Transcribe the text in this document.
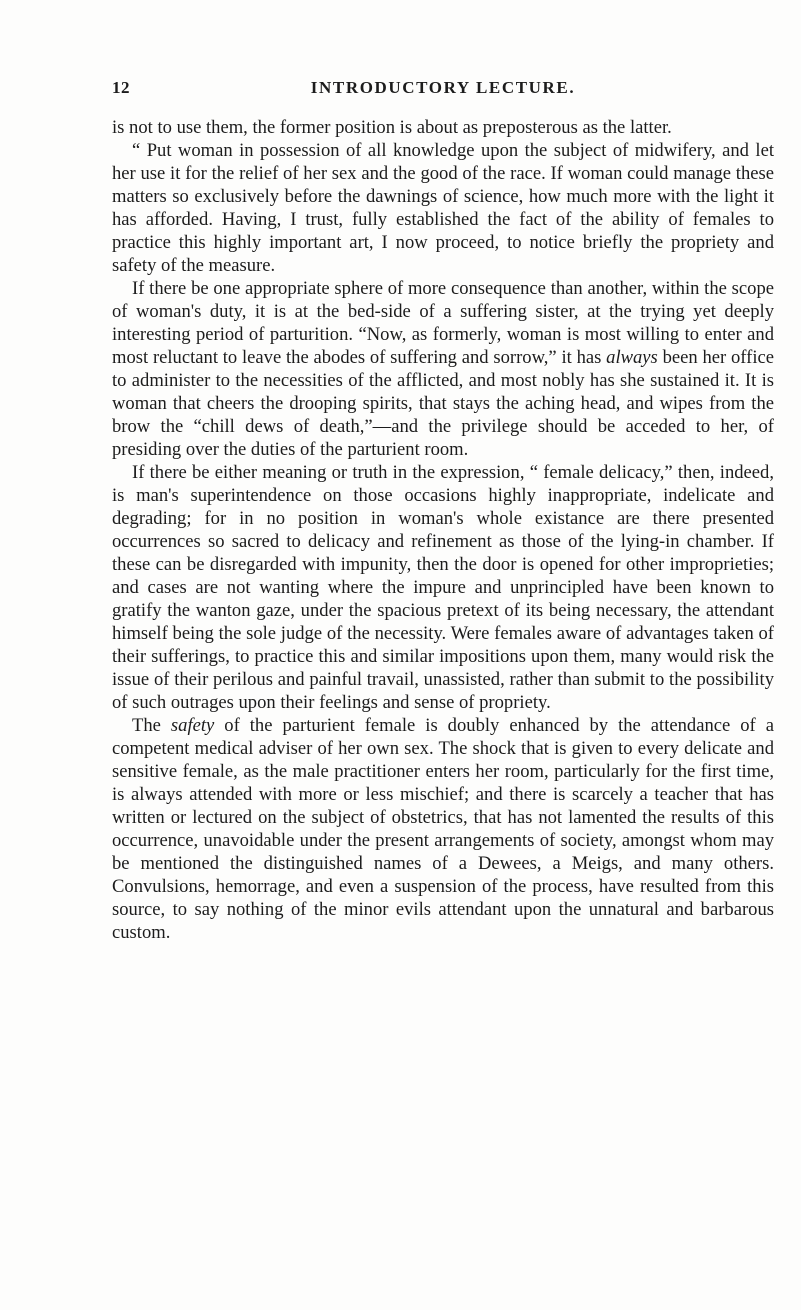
12	INTRODUCTORY LECTURE.

is not to use them, the former position is about as preposterous as the latter.

“ Put woman in possession of all knowledge upon the subject of midwifery, and let her use it for the relief of her sex and the good of the race. If woman could manage these matters so exclusively before the dawnings of science, how much more with the light it has afforded. Having, I trust, fully established the fact of the ability of females to practice this highly important art, I now proceed, to notice briefly the propriety and safety of the measure.

If there be one appropriate sphere of more consequence than another, within the scope of woman's duty, it is at the bed-side of a suffering sister, at the trying yet deeply interesting period of parturition. “Now, as formerly, woman is most willing to enter and most reluctant to leave the abodes of suffering and sorrow,” it has always been her office to administer to the necessities of the afflicted, and most nobly has she sustained it. It is woman that cheers the drooping spirits, that stays the aching head, and wipes from the brow the “chill dews of death,”—and the privilege should be acceded to her, of presiding over the duties of the parturient room.

If there be either meaning or truth in the expression, “ female delicacy,” then, indeed, is man's superintendence on those occasions highly inappropriate, indelicate and degrading; for in no position in woman's whole existance are there presented occurrences so sacred to delicacy and refinement as those of the lying-in chamber. If these can be disregarded with impunity, then the door is opened for other improprieties; and cases are not wanting where the impure and unprincipled have been known to gratify the wanton gaze, under the spacious pretext of its being necessary, the attendant himself being the sole judge of the necessity. Were females aware of advantages taken of their sufferings, to practice this and similar impositions upon them, many would risk the issue of their perilous and painful travail, unassisted, rather than submit to the possibility of such outrages upon their feelings and sense of propriety.

The safety of the parturient female is doubly enhanced by the attendance of a competent medical adviser of her own sex. The shock that is given to every delicate and sensitive female, as the male practitioner enters her room, particularly for the first time, is always attended with more or less mischief; and there is scarcely a teacher that has written or lectured on the subject of obstetrics, that has not lamented the results of this occurrence, unavoidable under the present arrangements of society, amongst whom may be mentioned the distinguished names of a Dewees, a Meigs, and many others. Convulsions, hemorrage, and even a suspension of the process, have resulted from this source, to say nothing of the minor evils attendant upon the unnatural and barbarous custom.
